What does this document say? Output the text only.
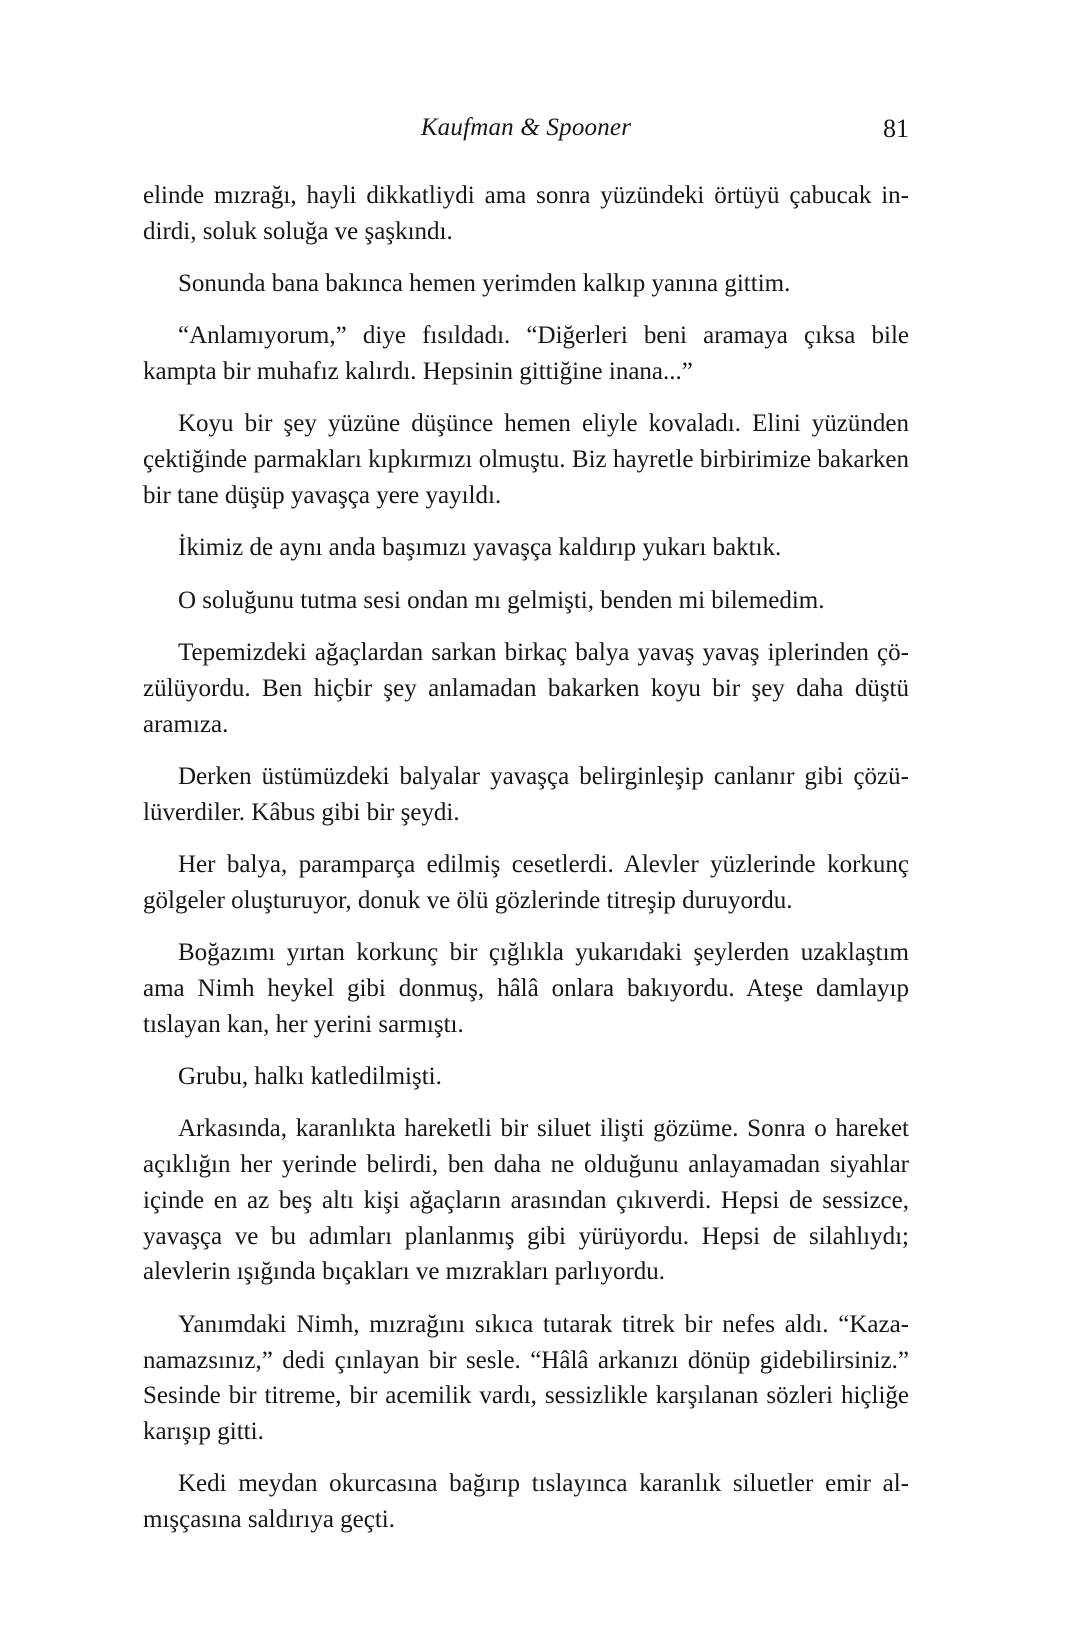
Kaufman & Spooner	81

elinde mızrağı, hayli dikkatliydi ama sonra yüzündeki örtüyü çabucak indirdi, soluk soluğa ve şaşkındı.

Sonunda bana bakınca hemen yerimden kalkıp yanına gittim.

“Anlamıyorum,” diye fısıldadı. “Diğerleri beni aramaya çıksa bile kampta bir muhafız kalırdı. Hepsinin gittiğine inana...”

Koyu bir şey yüzüne düşünce hemen eliyle kovaladı. Elini yüzünden çektiğinde parmakları kıpkırmızı olmuştu. Biz hayretle birbirimize bakarken bir tane düşüp yavaşça yere yayıldı.

İkimiz de aynı anda başımızı yavaşça kaldırıp yukarı baktık.

O soluğunu tutma sesi ondan mı gelmişti, benden mi bilemedim.

Tepemizdeki ağaçlardan sarkan birkaç balya yavaş yavaş iplerinden çözülüyordu. Ben hiçbir şey anlamadan bakarken koyu bir şey daha düştü aramıza.

Derken üstümüzdeki balyalar yavaşça belirginleşip canlanır gibi çözülüverdiler. Kâbus gibi bir şeydi.

Her balya, paramparça edilmiş cesetlerdi. Alevler yüzlerinde korkunç gölgeler oluşturuyor, donuk ve ölü gözlerinde titreşip duruyordu.

Boğazımı yırtan korkunç bir çığlıkla yukarıdaki şeylerden uzaklaştım ama Nimh heykel gibi donmuş, hâlâ onlara bakıyordu. Ateşe damlayıp tıslayan kan, her yerini sarmıştı.

Grubu, halkı katledilmişti.

Arkasında, karanlıkta hareketli bir siluet ilişti gözüme. Sonra o hareket açıklığın her yerinde belirdi, ben daha ne olduğunu anlayamadan siyahlar içinde en az beş altı kişi ağaçların arasından çıkıverdi. Hepsi de sessizce, yavaşça ve bu adımları planlanmış gibi yürüyordu. Hepsi de silahlıydı; alevlerin ışığında bıçakları ve mızrakları parlıyordu.

Yanımdaki Nimh, mızrağını sıkıca tutarak titrek bir nefes aldı. “Kazanamazsınız,” dedi çınlayan bir sesle. “Hâlâ arkanızı dönüp gidebilirsiniz.” Sesinde bir titreme, bir acemilik vardı, sessizlikle karşılanan sözleri hiçliğe karışıp gitti.

Kedi meydan okurcasına bağırıp tıslayınca karanlık siluetler emir almışçasına saldırıya geçti.
